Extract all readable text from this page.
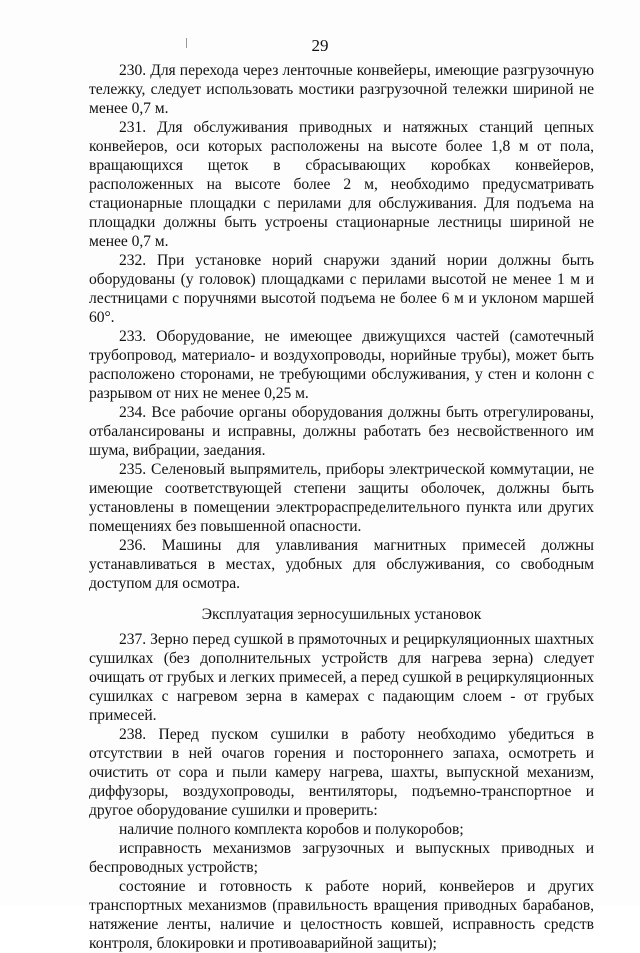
29

230. Для перехода через ленточные конвейеры, имеющие разгрузочную тележку, следует использовать мостики разгрузочной тележки шириной не менее 0,7 м.

231. Для обслуживания приводных и натяжных станций цепных конвейеров, оси которых расположены на высоте более 1,8 м от пола, вращающихся щеток в сбрасывающих коробках конвейеров, расположенных на высоте более 2 м, необходимо предусматривать стационарные площадки с перилами для обслуживания. Для подъема на площадки должны быть устроены стационарные лестницы шириной не менее 0,7 м.

232. При установке норий снаружи зданий нории должны быть оборудованы (у головок) площадками с перилами высотой не менее 1 м и лестницами с поручнями высотой подъема не более 6 м и уклоном маршей 60°.

233. Оборудование, не имеющее движущихся частей (самотечный трубопровод, материало- и воздухопроводы, норийные трубы), может быть расположено сторонами, не требующими обслуживания, у стен и колонн с разрывом от них не менее 0,25 м.

234. Все рабочие органы оборудования должны быть отрегулированы, отбалансированы и исправны, должны работать без несвойственного им шума, вибрации, заедания.

235. Селеновый выпрямитель, приборы электрической коммутации, не имеющие соответствующей степени защиты оболочек, должны быть установлены в помещении электрораспределительного пункта или других помещениях без повышенной опасности.

236. Машины для улавливания магнитных примесей должны устанавливаться в местах, удобных для обслуживания, со свободным доступом для осмотра.

Эксплуатация зерносушильных установок

237. Зерно перед сушкой в прямоточных и рециркуляционных шахтных сушилках (без дополнительных устройств для нагрева зерна) следует очищать от грубых и легких примесей, а перед сушкой в рециркуляционных сушилках с нагревом зерна в камерах с падающим слоем - от грубых примесей.

238. Перед пуском сушилки в работу необходимо убедиться в отсутствии в ней очагов горения и постороннего запаха, осмотреть и очистить от сора и пыли камеру нагрева, шахты, выпускной механизм, диффузоры, воздухопроводы, вентиляторы, подъемно-транспортное и другое оборудование сушилки и проверить:

наличие полного комплекта коробов и полукоробов;

исправность механизмов загрузочных и выпускных приводных и беспроводных устройств;

состояние и готовность к работе норий, конвейеров и других транспортных механизмов (правильность вращения приводных барабанов, натяжение ленты, наличие и целостность ковшей, исправность средств контроля, блокировки и противоаварийной защиты);
